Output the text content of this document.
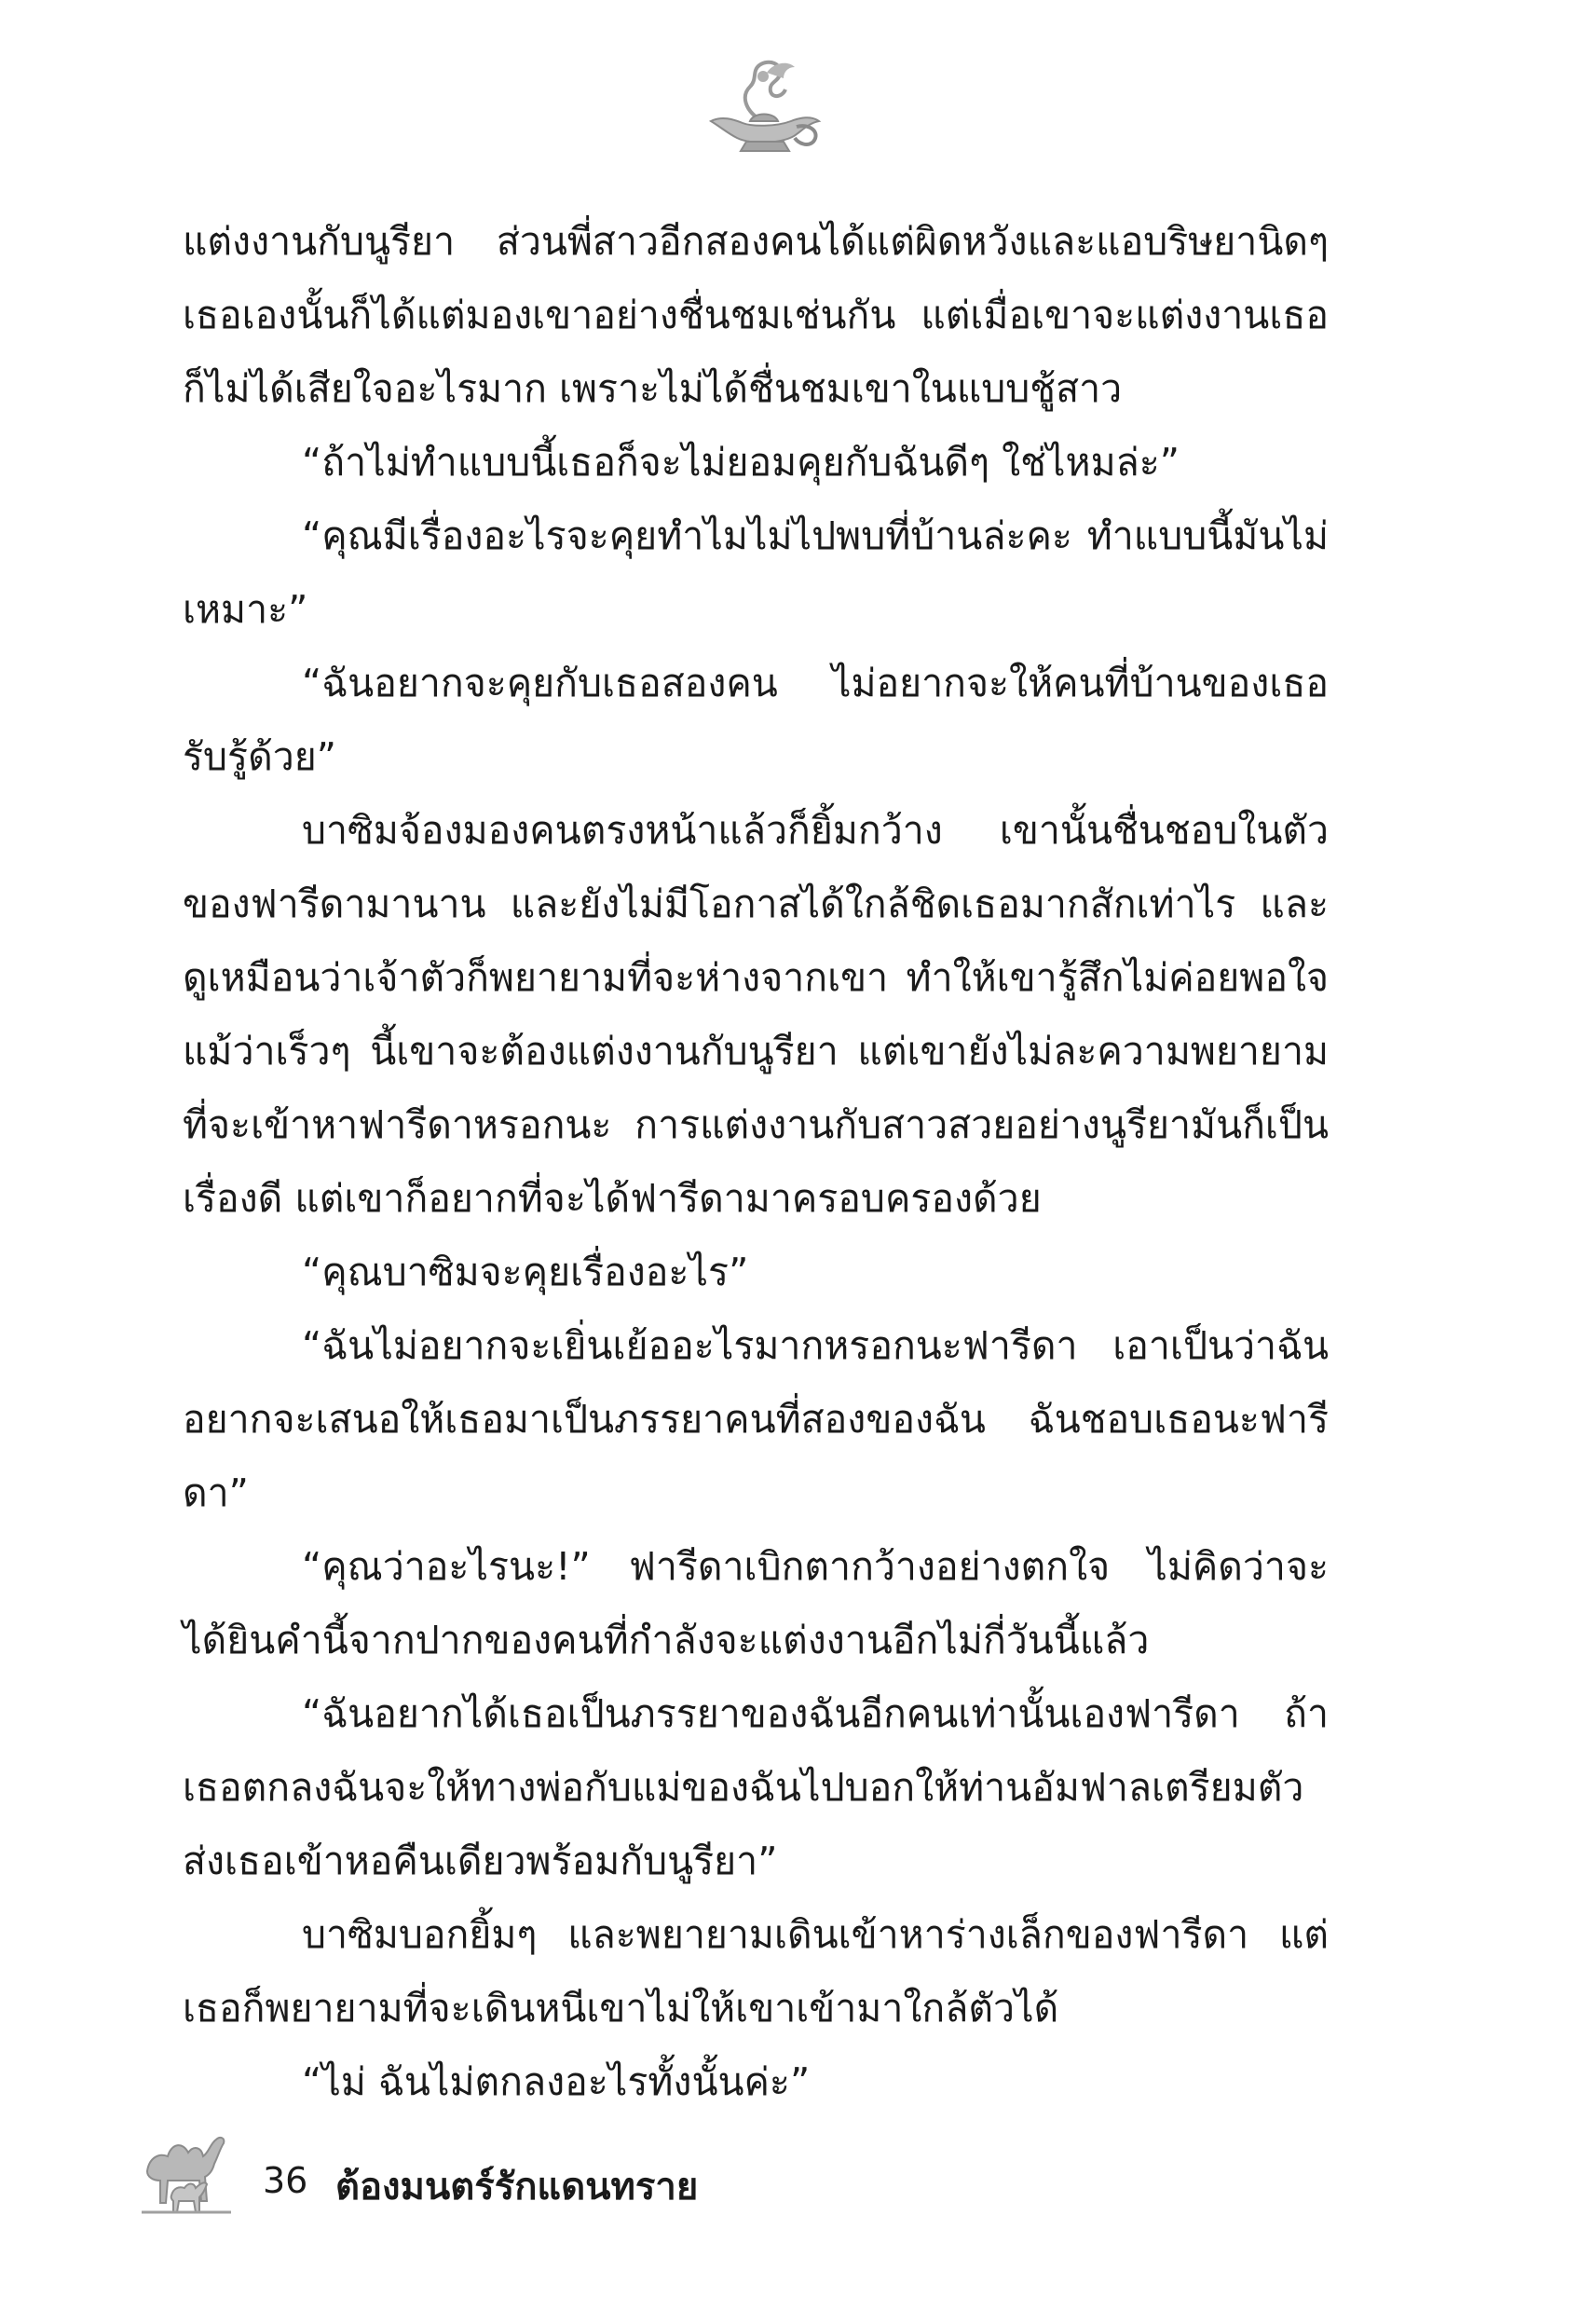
แต่งงานกับนูรียา ส่วนพี่สาวอีกสองคนได้แต่ผิดหวังและแอบริษยานิดๆ เธอเองนั้นก็ได้แต่มองเขาอย่างชื่นชมเช่นกัน แต่เมื่อเขาจะแต่งงานเธอก็ไม่ได้เสียใจอะไรมาก เพราะไม่ได้ชื่นชมเขาในแบบชู้สาว

“ถ้าไม่ทำแบบนี้เธอก็จะไม่ยอมคุยกับฉันดีๆ ใช่ไหมล่ะ”

“คุณมีเรื่องอะไรจะคุยทำไมไม่ไปพบที่บ้านล่ะคะ ทำแบบนี้มันไม่เหมาะ”

“ฉันอยากจะคุยกับเธอสองคน ไม่อยากจะให้คนที่บ้านของเธอรับรู้ด้วย”

บาซิมจ้องมองคนตรงหน้าแล้วก็ยิ้มกว้าง เขานั้นชื่นชอบในตัวของฟารีดามานาน และยังไม่มีโอกาสได้ใกล้ชิดเธอมากสักเท่าไร และดูเหมือนว่าเจ้าตัวก็พยายามที่จะห่างจากเขา ทำให้เขารู้สึกไม่ค่อยพอใจ แม้ว่าเร็วๆ นี้เขาจะต้องแต่งงานกับนูรียา แต่เขายังไม่ละความพยายามที่จะเข้าหาฟารีดาหรอกนะ การแต่งงานกับสาวสวยอย่างนูรียามันก็เป็นเรื่องดี แต่เขาก็อยากที่จะได้ฟารีดามาครอบครองด้วย

“คุณบาซิมจะคุยเรื่องอะไร”

“ฉันไม่อยากจะเยิ่นเย้ออะไรมากหรอกนะฟารีดา เอาเป็นว่าฉันอยากจะเสนอให้เธอมาเป็นภรรยาคนที่สองของฉัน ฉันชอบเธอนะฟารีดา”

“คุณว่าอะไรนะ!” ฟารีดาเบิกตากว้างอย่างตกใจ ไม่คิดว่าจะได้ยินคำนี้จากปากของคนที่กำลังจะแต่งงานอีกไม่กี่วันนี้แล้ว

“ฉันอยากได้เธอเป็นภรรยาของฉันอีกคนเท่านั้นเองฟารีดา ถ้าเธอตกลงฉันจะให้ทางพ่อกับแม่ของฉันไปบอกให้ท่านอัมฟาลเตรียมตัวส่งเธอเข้าหอคืนเดียวพร้อมกับนูรียา”

บาซิมบอกยิ้มๆ และพยายามเดินเข้าหาร่างเล็กของฟารีดา แต่เธอก็พยายามที่จะเดินหนีเขาไม่ให้เขาเข้ามาใกล้ตัวได้

“ไม่ ฉันไม่ตกลงอะไรทั้งนั้นค่ะ”

36 ต้องมนตร์รักแดนทราย
